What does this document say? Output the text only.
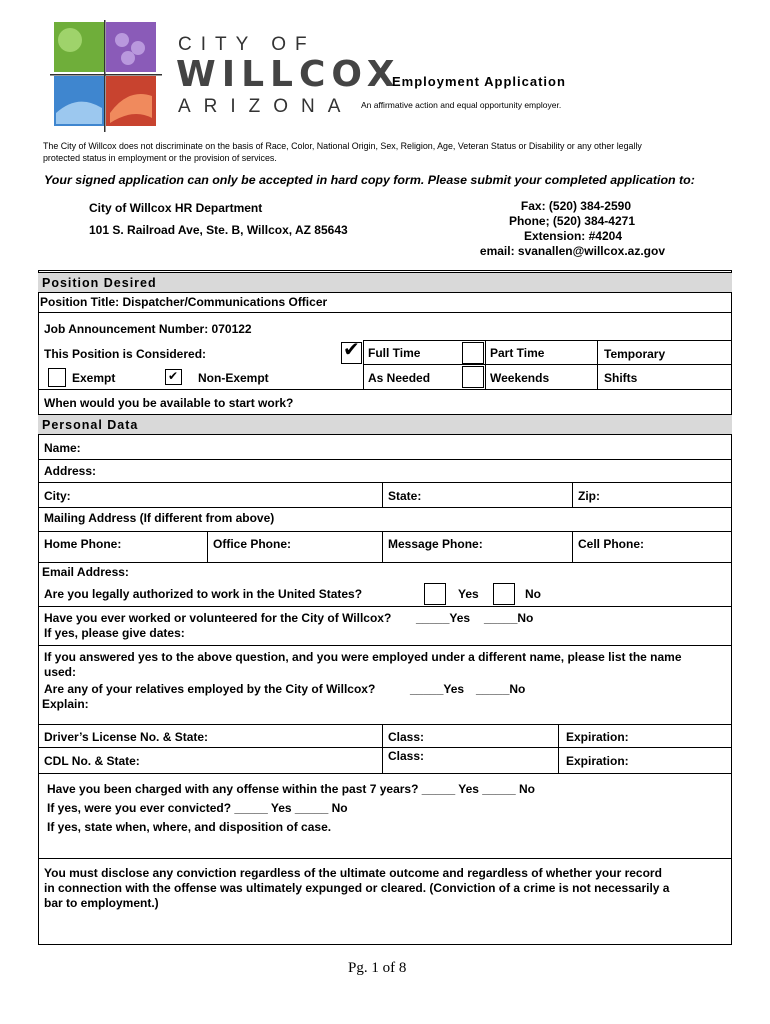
CITY OF
WILLCOX
ARIZONA
Employment Application
An affirmative action and equal opportunity employer.
The City of Willcox does not discriminate on the basis of Race, Color, National Origin, Sex, Religion, Age, Veteran Status or Disability or any other legally
protected status in employment or the provision of services.
Your signed application can only be accepted in hard copy form. Please submit your completed application to:
City of Willcox HR Department
101 S. Railroad Ave, Ste. B, Willcox, AZ 85643
Fax: (520) 384-2590
Phone; (520) 384-4271
Extension: #4204
email: svanallen@willcox.az.gov
Position Desired
Position Title: Dispatcher/Communications Officer
Job Announcement Number: 070122
This Position is Considered:	✔ Full Time	Part Time	Temporary
Exempt	✔ Non-Exempt	As Needed	Weekends	Shifts
When would you be available to start work?
Personal Data
Name:
Address:
City:	State:	Zip:
Mailing Address (If different from above)
Home Phone:	Office Phone:	Message Phone:	Cell Phone:
Email Address:
Are you legally authorized to work in the United States?	Yes	No
Have you ever worked or volunteered for the City of Willcox? _____Yes _____No
If yes, please give dates:
If you answered yes to the above question, and you were employed under a different name, please list the name
used:
Are any of your relatives employed by the City of Willcox?	_____Yes _____No
Explain:
Driver’s License No. & State:	Class:	Expiration:
CDL No. & State:	Class:	Expiration:
Have you been charged with any offense within the past 7 years? _____ Yes _____ No
If yes, were you ever convicted? _____ Yes _____ No
If yes, state when, where, and disposition of case.
You must disclose any conviction regardless of the ultimate outcome and regardless of whether your record
in connection with the offense was ultimately expunged or cleared. (Conviction of a crime is not necessarily a
bar to employment.)
Pg. 1 of 8
